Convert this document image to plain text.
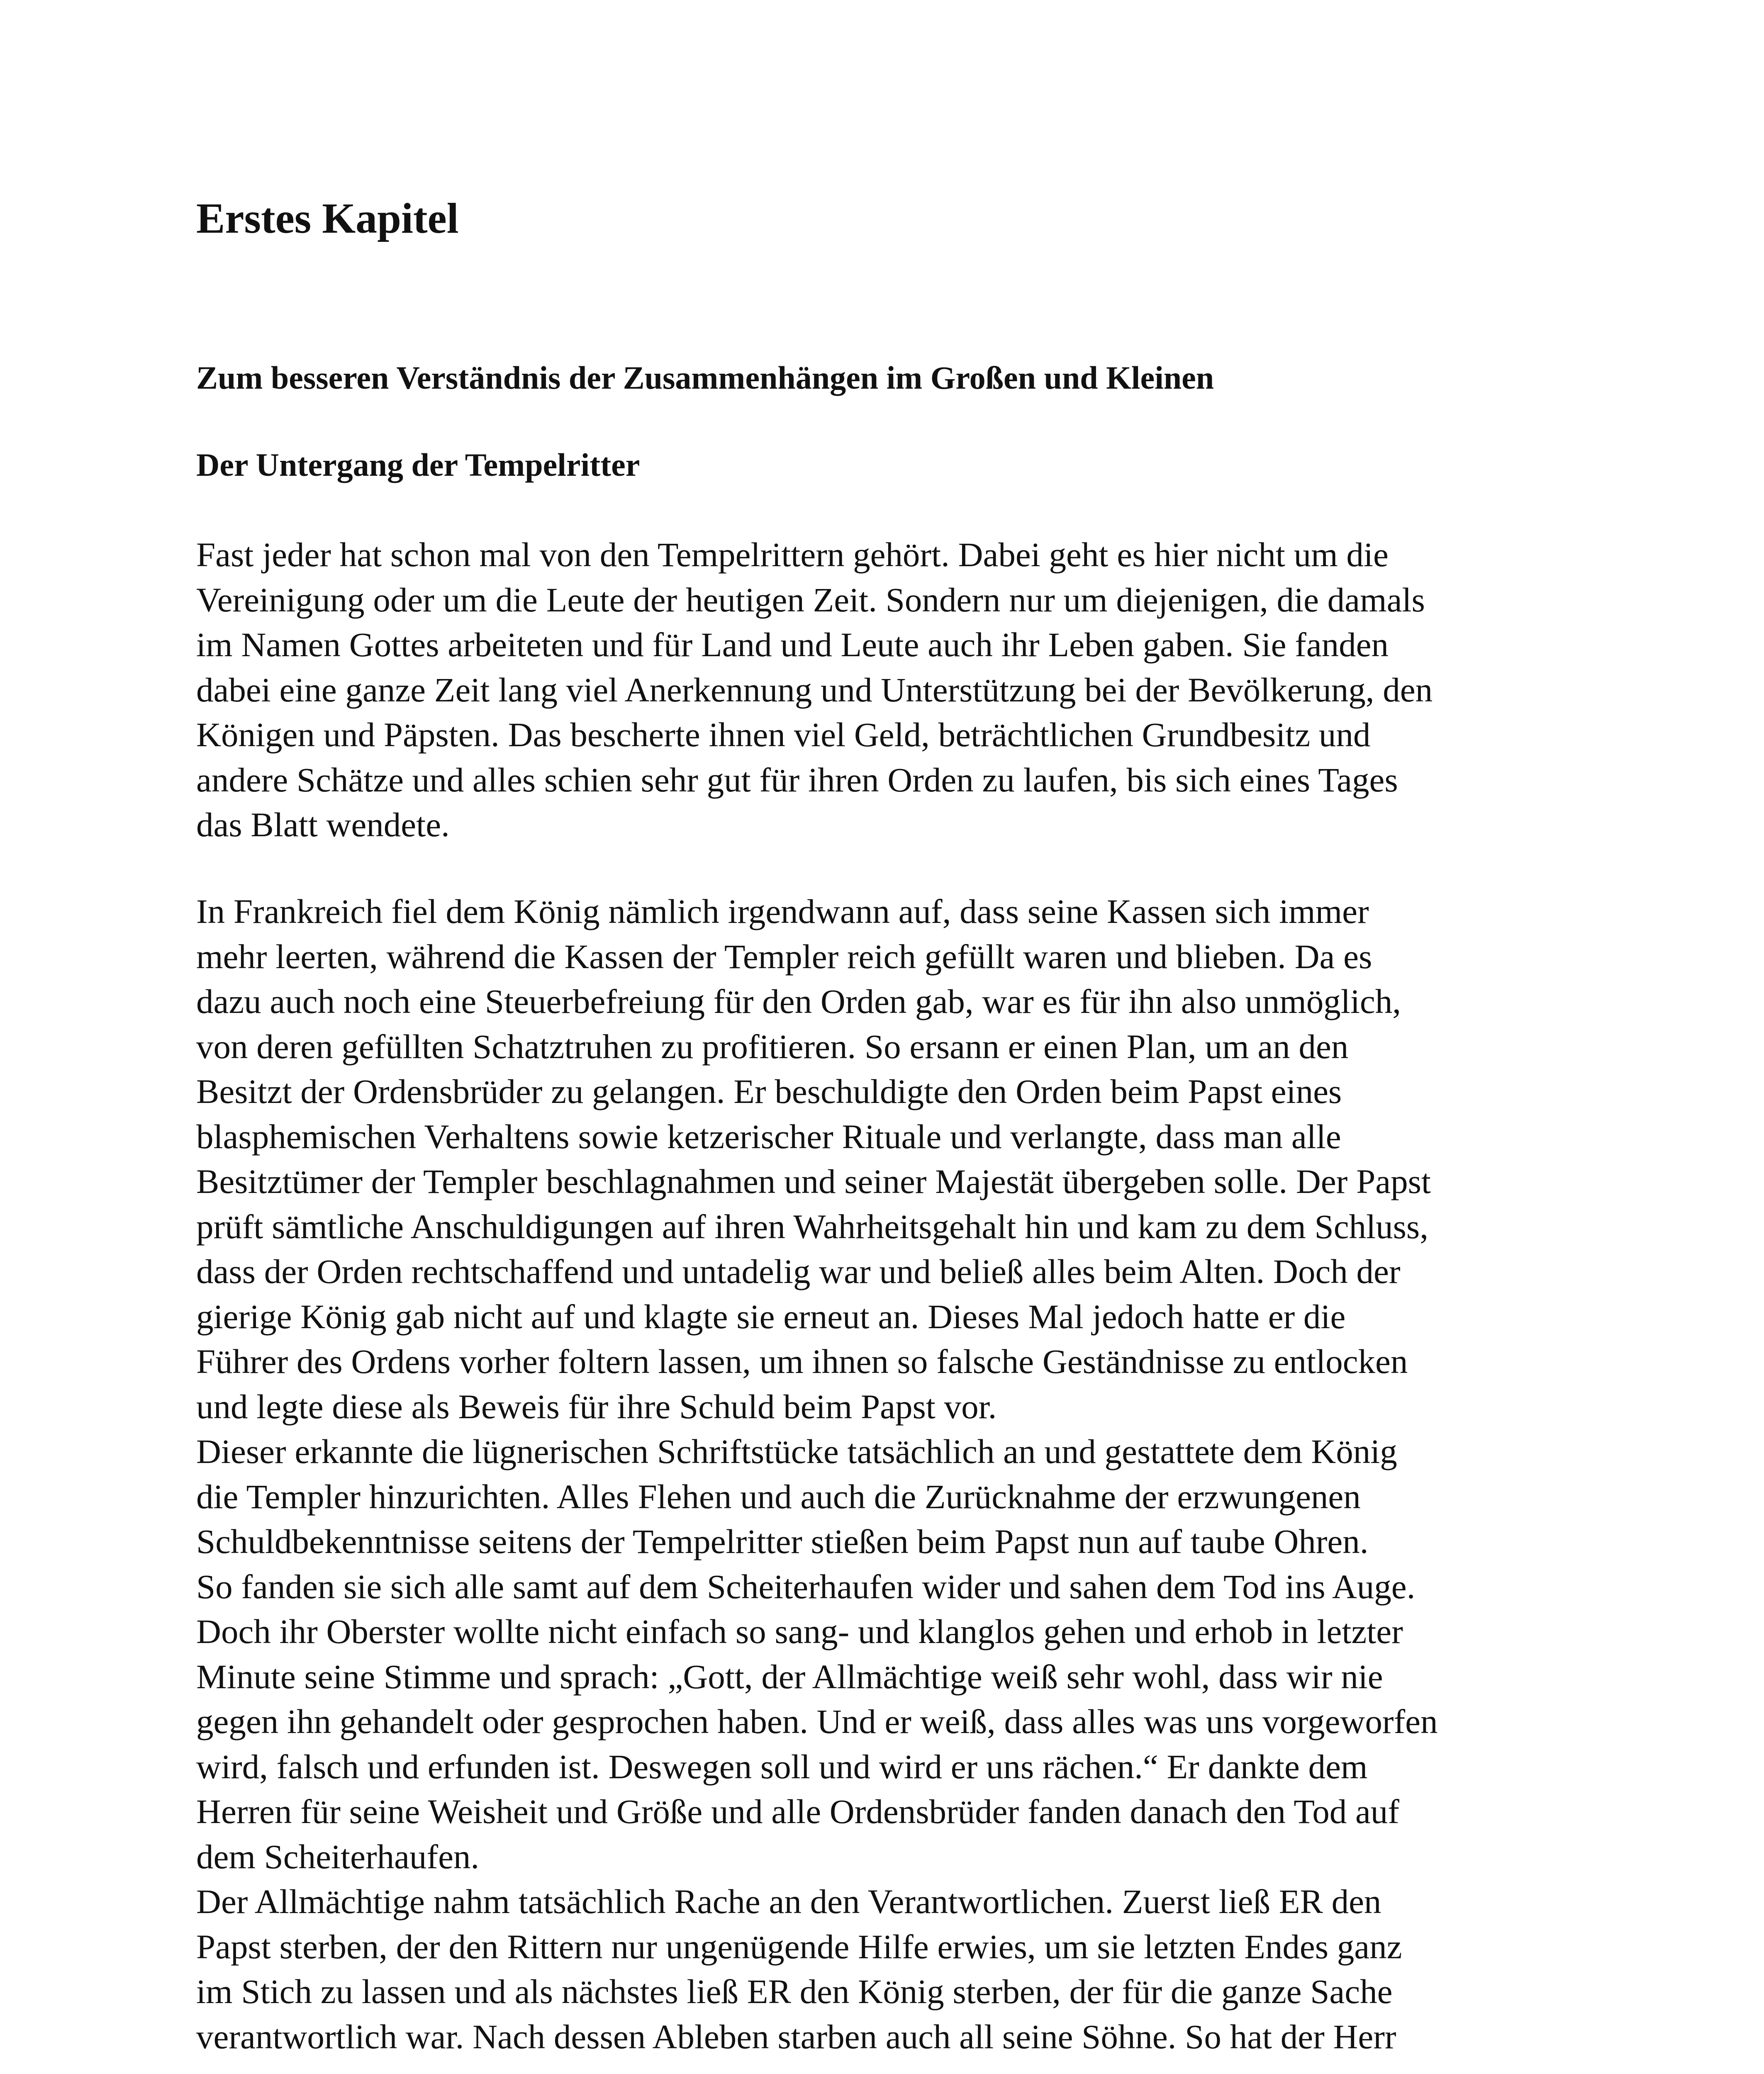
Erstes Kapitel
Zum besseren Verständnis der Zusammenhängen im Großen und Kleinen
Der Untergang der Tempelritter
Fast jeder hat schon mal von den Tempelrittern gehört. Dabei geht es hier nicht um die
Vereinigung oder um die Leute der heutigen Zeit. Sondern nur um diejenigen, die damals
im Namen Gottes arbeiteten und für Land und Leute auch ihr Leben gaben. Sie fanden
dabei eine ganze Zeit lang viel Anerkennung und Unterstützung bei der Bevölkerung, den
Königen und Päpsten. Das bescherte ihnen viel Geld, beträchtlichen Grundbesitz und
andere Schätze und alles schien sehr gut für ihren Orden zu laufen, bis sich eines Tages
das Blatt wendete.
In Frankreich fiel dem König nämlich irgendwann auf, dass seine Kassen sich immer
mehr leerten, während die Kassen der Templer reich gefüllt waren und blieben. Da es
dazu auch noch eine Steuerbefreiung für den Orden gab, war es für ihn also unmöglich,
von deren gefüllten Schatztruhen zu profitieren. So ersann er einen Plan, um an den
Besitzt der Ordensbrüder zu gelangen. Er beschuldigte den Orden beim Papst eines
blasphemischen Verhaltens sowie ketzerischer Rituale und verlangte, dass man alle
Besitztümer der Templer beschlagnahmen und seiner Majestät übergeben solle. Der Papst
prüft sämtliche Anschuldigungen auf ihren Wahrheitsgehalt hin und kam zu dem Schluss,
dass der Orden rechtschaffend und untadelig war und beließ alles beim Alten. Doch der
gierige König gab nicht auf und klagte sie erneut an. Dieses Mal jedoch hatte er die
Führer des Ordens vorher foltern lassen, um ihnen so falsche Geständnisse zu entlocken
und legte diese als Beweis für ihre Schuld beim Papst vor.
Dieser erkannte die lügnerischen Schriftstücke tatsächlich an und gestattete dem König
die Templer hinzurichten. Alles Flehen und auch die Zurücknahme der erzwungenen
Schuldbekenntnisse seitens der Tempelritter stießen beim Papst nun auf taube Ohren.
So fanden sie sich alle samt auf dem Scheiterhaufen wider und sahen dem Tod ins Auge.
Doch ihr Oberster wollte nicht einfach so sang- und klanglos gehen und erhob in letzter
Minute seine Stimme und sprach: „Gott, der Allmächtige weiß sehr wohl, dass wir nie
gegen ihn gehandelt oder gesprochen haben. Und er weiß, dass alles was uns vorgeworfen
wird, falsch und erfunden ist. Deswegen soll und wird er uns rächen.“ Er dankte dem
Herren für seine Weisheit und Größe und alle Ordensbrüder fanden danach den Tod auf
dem Scheiterhaufen.
Der Allmächtige nahm tatsächlich Rache an den Verantwortlichen. Zuerst ließ ER den
Papst sterben, der den Rittern nur ungenügende Hilfe erwies, um sie letzten Endes ganz
im Stich zu lassen und als nächstes ließ ER den König sterben, der für die ganze Sache
verantwortlich war. Nach dessen Ableben starben auch all seine Söhne. So hat der Herr
